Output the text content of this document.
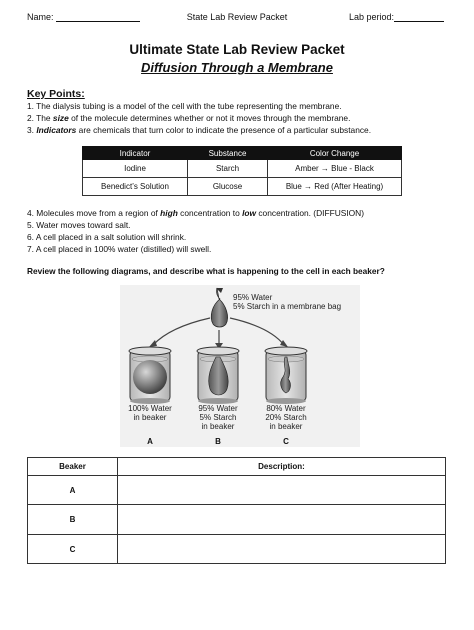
Name:	State Lab Review Packet	Lab period:
Ultimate State Lab Review Packet
Diffusion Through a Membrane
Key Points:
1. The dialysis tubing is a model of the cell with the tube representing the membrane.
2. The size of the molecule determines whether or not it moves through the membrane.
3. Indicators are chemicals that turn color to indicate the presence of a particular substance.
Indicator	Substance	Color Change
Iodine	Starch	Amber → Blue - Black
Benedict’s Solution	Glucose	Blue → Red (After Heating)
4. Molecules move from a region of high concentration to low concentration. (DIFFUSION)
5. Water moves toward salt.
6. A cell placed in a salt solution will shrink.
7. A cell placed in 100% water (distilled) will swell.
Review the following diagrams, and describe what is happening to the cell in each beaker?
95% Water
5% Starch in a membrane bag
100% Water
in beaker
95% Water
5% Starch
in beaker
80% Water
20% Starch
in beaker
A	B	C
Beaker	Description:
A	
B	
C	
